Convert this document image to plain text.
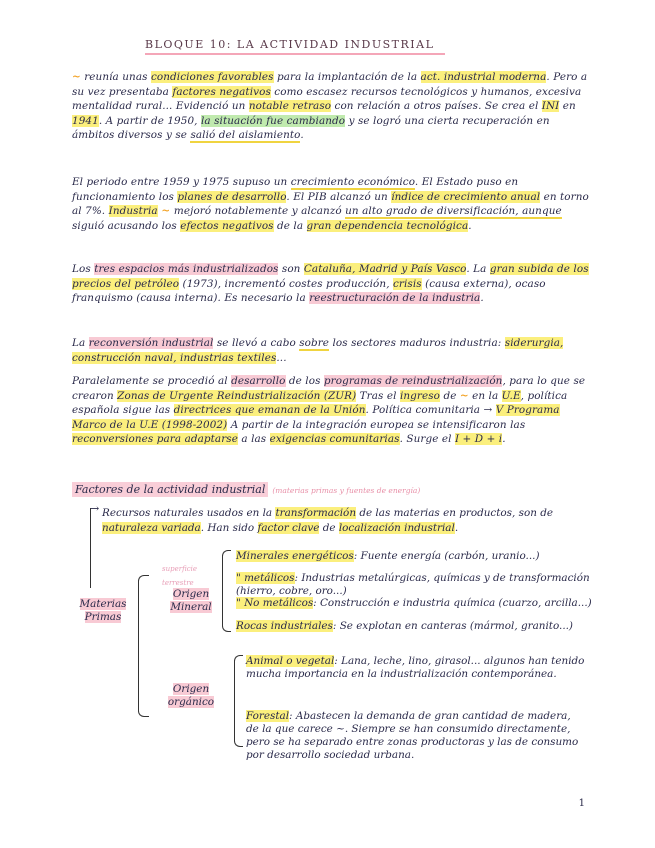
BLOQUE 10: LA ACTIVIDAD INDUSTRIAL
~ reunía unas condiciones favorables para la implantación de la act. industrial moderna. Pero a su vez presentaba factores negativos como escasez recursos tecnológicos y humanos, excesiva mentalidad rural... Evidenció un notable retraso con relación a otros países. Se crea el INI en 1941. A partir de 1950, la situación fue cambiando y se logró una cierta recuperación en ámbitos diversos y se salió del aislamiento.
El periodo entre 1959 y 1975 supuso un crecimiento económico. El Estado puso en funcionamiento los planes de desarrollo. El PIB alcanzó un índice de crecimiento anual en torno al 7%. Industria ~ mejoró notablemente y alcanzó un alto grado de diversificación, aunque siguió acusando los efectos negativos de la gran dependencia tecnológica.
Los tres espacios más industrializados son Cataluña, Madrid y País Vasco. La gran subida de los precios del petróleo (1973), incrementó costes producción, crisis (causa externa), ocaso franquismo (causa interna). Es necesario la reestructuración de la industria.
La reconversión industrial se llevó a cabo sobre los sectores maduros industria: siderurgia, construcción naval, industrias textiles...
Paralelamente se procedió al desarrollo de los programas de reindustrialización, para lo que se crearon Zonas de Urgente Reindustrialización (ZUR) Tras el ingreso de ~ en la U.E, política española sigue las directrices que emanan de la Unión. Política comunitaria → V Programa Marco de la U.E (1998-2002) A partir de la integración europea se intensificaron las reconversiones para adaptarse a las exigencias comunitarias. Surge el I + D + i.
Factores de la actividad industrial (materias primas y fuentes de energía)
→ Recursos naturales usados en la transformación de las materias en productos, son de naturaleza variada. Han sido factor clave de localización industrial.
Materias Primas
superficie terrestre
Origen Mineral
Minerales energéticos: Fuente energía (carbón, uranio...)
" metálicos: Industrias metalúrgicas, químicas y de transformación (hierro, cobre, oro...)
" No metálicos: Construcción e industria química (cuarzo, arcilla...)
Rocas industriales: Se explotan en canteras (mármol, granito...)
Origen orgánico
Animal o vegetal: Lana, leche, lino, girasol... algunos han tenido mucha importancia en la industrialización contemporánea.
Forestal: Abastecen la demanda de gran cantidad de madera, de la que carece ~. Siempre se han consumido directamente, pero se ha separado entre zonas productoras y las de consumo por desarrollo sociedad urbana.
1
